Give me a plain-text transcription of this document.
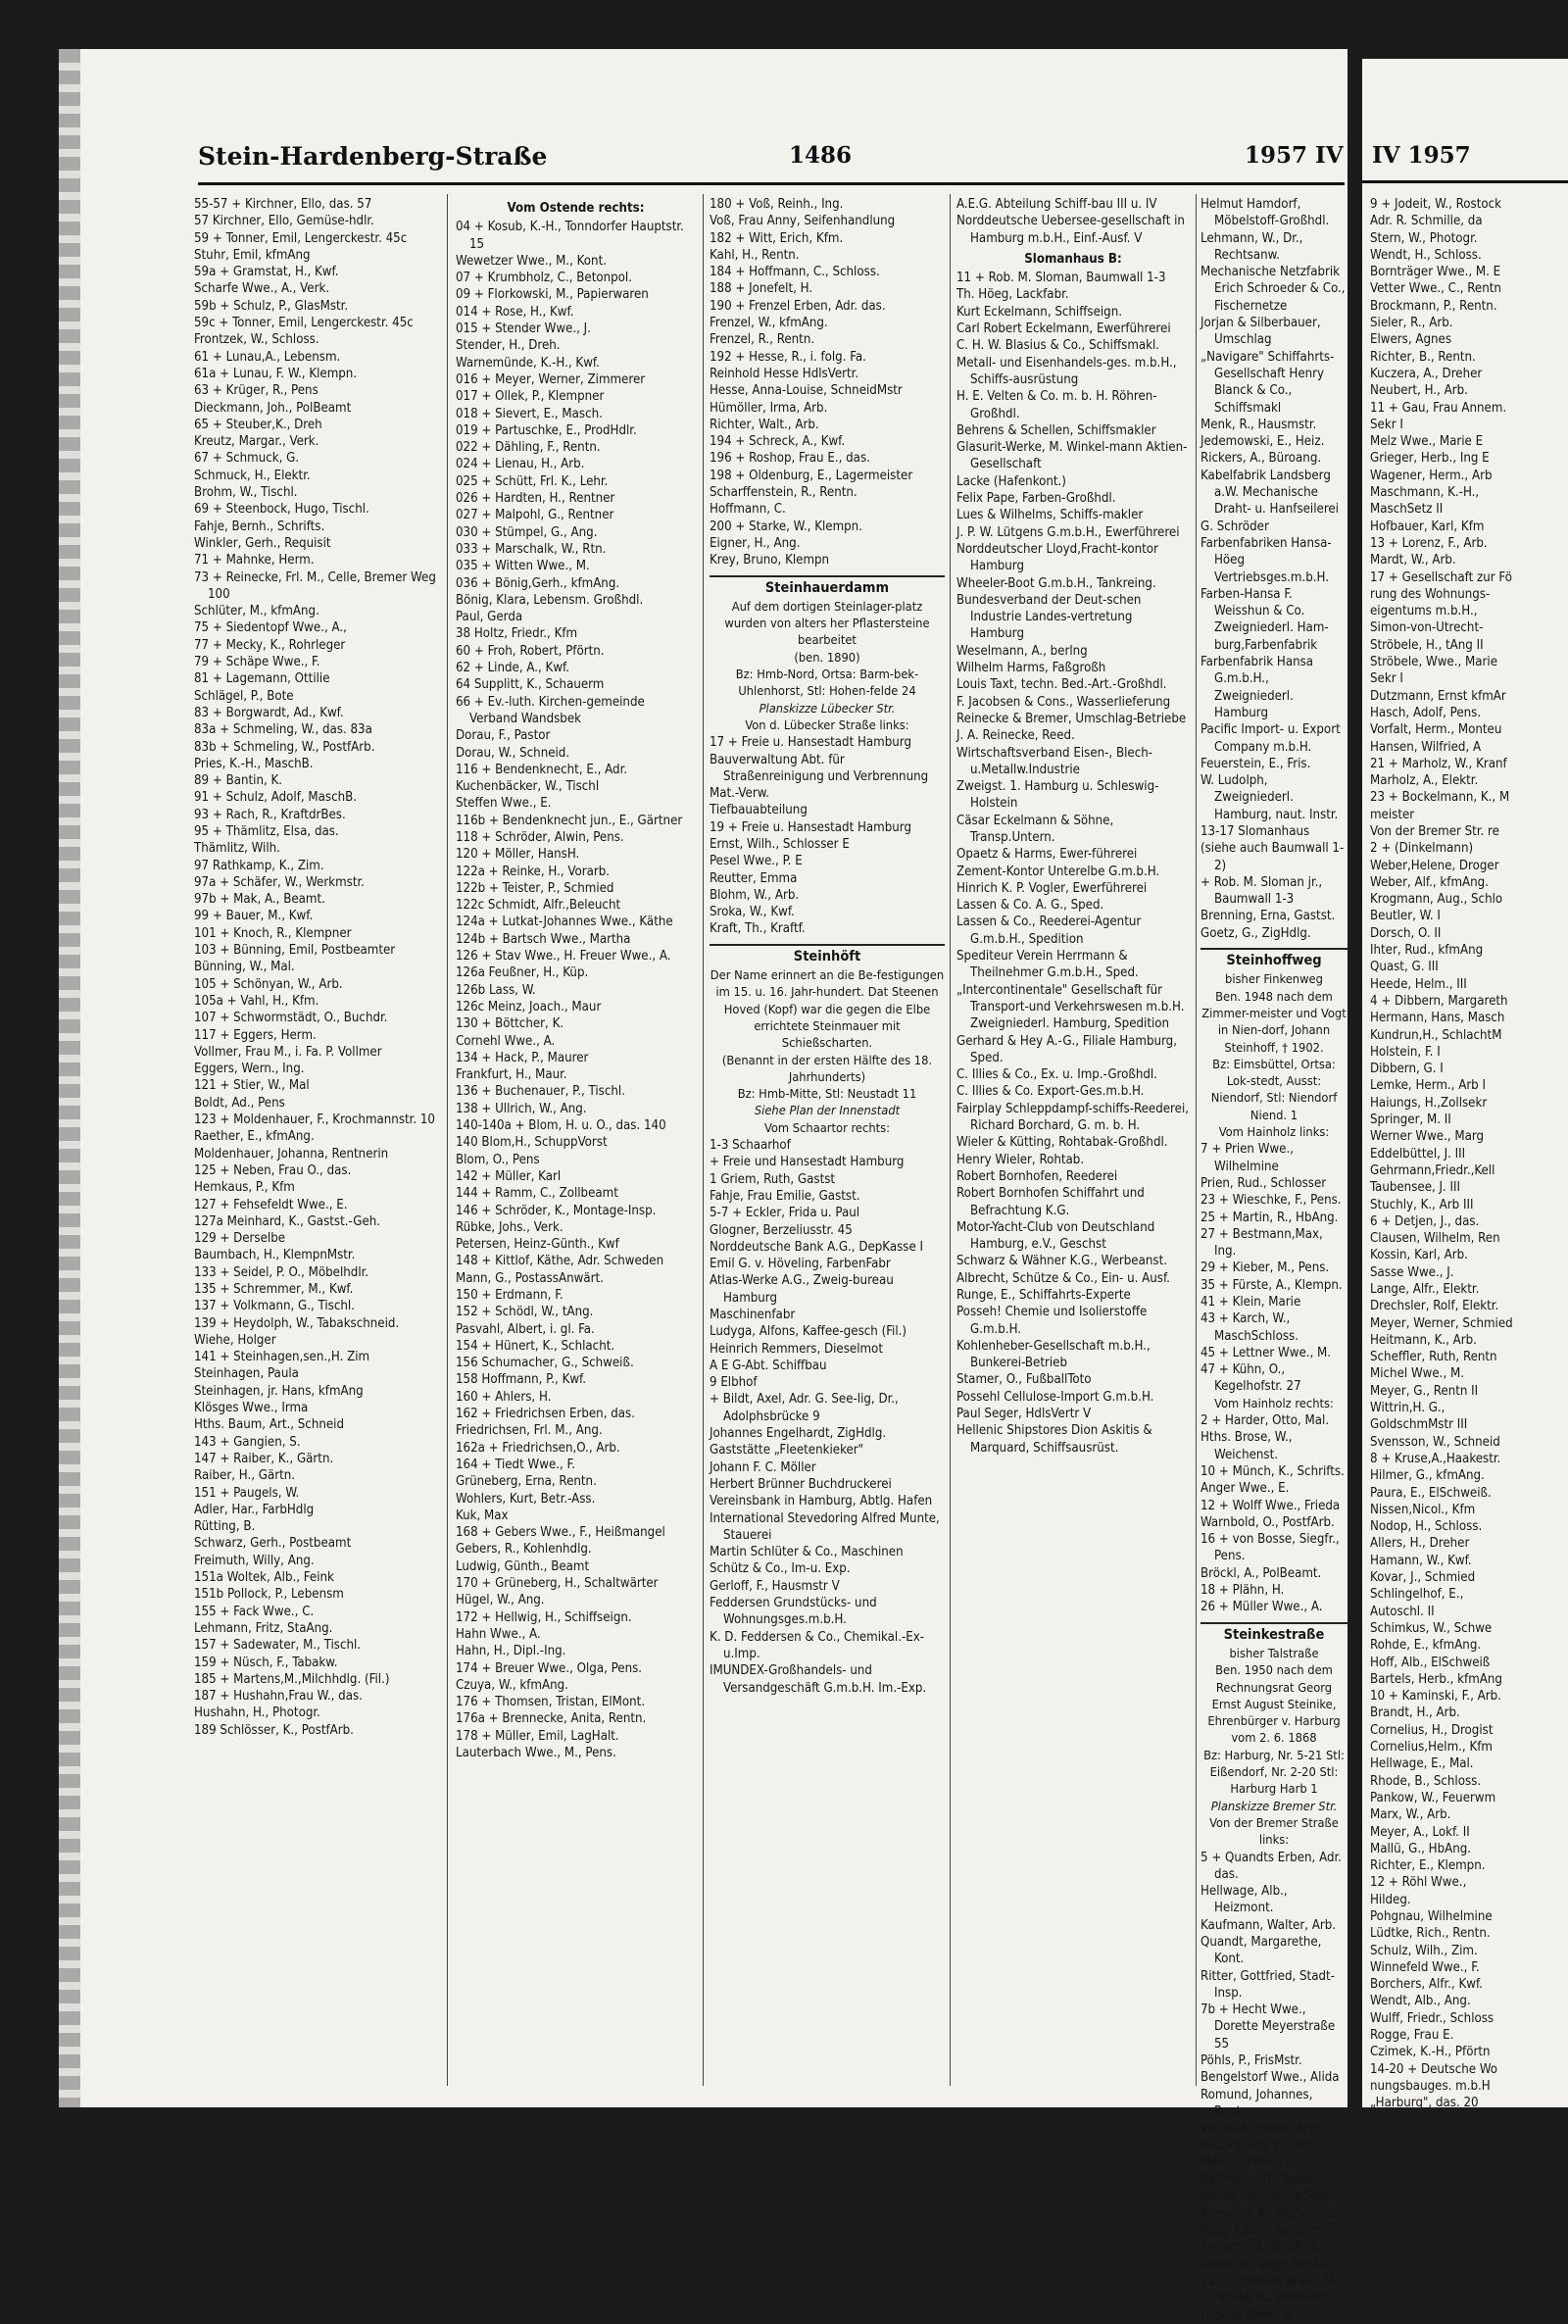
Stein-Hardenberg-Straße	1486	1957 IV
55-57 + Kirchner, Ello, das. 57
57 Kirchner, Ello, Gemüse-hdlr.
59 + Tonner, Emil, Lengerckestr. 45c
Stuhr, Emil, kfmAng
59a + Gramstat, H., Kwf.
Scharfe Wwe., A., Verk.
59b + Schulz, P., GlasMstr.
59c + Tonner, Emil, Lengerckestr. 45c
Frontzek, W., Schloss.
61 + Lunau,A., Lebensm.
61a + Lunau, F. W., Klempn.
63 + Krüger, R., Pens
Dieckmann, Joh., PolBeamt
65 + Steuber,K., Dreh
Kreutz, Margar., Verk.
67 + Schmuck, G.
Schmuck, H., Elektr.
Brohm, W., Tischl.
69 + Steenbock, Hugo, Tischl.
Fahje, Bernh., Schrifts.
Winkler, Gerh., Requisit
71 + Mahnke, Herm.
73 + Reinecke, Frl. M., Celle, Bremer Weg 100
Schlüter, M., kfmAng.
75 + Siedentopf Wwe., A.,
77 + Mecky, K., Rohrleger
79 + Schäpe Wwe., F.
81 + Lagemann, Ottilie
Schlägel, P., Bote
83 + Borgwardt, Ad., Kwf.
83a + Schmeling, W., das. 83a
83b + Schmeling, W., PostfArb.
Pries, K.-H., MaschB.
89 + Bantin, K.
91 + Schulz, Adolf, MaschB.
93 + Rach, R., KraftdrBes.
95 + Thämlitz, Elsa, das.
Thämlitz, Wilh.
97 Rathkamp, K., Zim.
97a + Schäfer, W., Werkmstr.
97b + Mak, A., Beamt.
99 + Bauer, M., Kwf.
101 + Knoch, R., Klempner
103 + Bünning, Emil, Postbeamter
Bünning, W., Mal.
105 + Schönyan, W., Arb.
105a + Vahl, H., Kfm.
107 + Schwormstädt, O., Buchdr.
117 + Eggers, Herm.
Vollmer, Frau M., i. Fa. P. Vollmer
Eggers, Wern., Ing.
121 + Stier, W., Mal
Boldt, Ad., Pens
123 + Moldenhauer, F., Krochmannstr. 10
Raether, E., kfmAng.
Moldenhauer, Johanna, Rentnerin
125 + Neben, Frau O., das.
Hemkaus, P., Kfm
127 + Fehsefeldt Wwe., E.
127a Meinhard, K., Gastst.-Geh.
129 + Derselbe
Baumbach, H., KlempnMstr.
133 + Seidel, P. O., Möbelhdlr.
135 + Schremmer, M., Kwf.
137 + Volkmann, G., Tischl.
139 + Heydolph, W., Tabakschneid.
Wiehe, Holger
141 + Steinhagen,sen.,H. Zim
Steinhagen, Paula
Steinhagen, jr. Hans, kfmAng
Klösges Wwe., Irma
Hths. Baum, Art., Schneid
143 + Gangien, S.
147 + Raiber, K., Gärtn.
Raiber, H., Gärtn.
151 + Paugels, W.
Adler, Har., FarbHdlg
Rütting, B.
Schwarz, Gerh., Postbeamt
Freimuth, Willy, Ang.
151a Woltek, Alb., Feink
151b Pollock, P., Lebensm
155 + Fack Wwe., C.
Lehmann, Fritz, StaAng.
157 + Sadewater, M., Tischl.
159 + Nüsch, F., Tabakw.
185 + Martens,M.,Milchhdlg. (Fil.)
187 + Hushahn,Frau W., das.
Hushahn, H., Photogr.
189 Schlösser, K., PostfArb.
Vom Ostende rechts:
04 + Kosub, K.-H., Tonndorfer Hauptstr. 15
Wewetzer Wwe., M., Kont.
07 + Krumbholz, C., Betonpol.
09 + Florkowski, M., Papierwaren
014 + Rose, H., Kwf.
015 + Stender Wwe., J.
Stender, H., Dreh.
Warnemünde, K.-H., Kwf.
016 + Meyer, Werner, Zimmerer
017 + Ollek, P., Klempner
018 + Sievert, E., Masch.
019 + Partuschke, E., ProdHdlr.
022 + Dähling, F., Rentn.
024 + Lienau, H., Arb.
025 + Schütt, Frl. K., Lehr.
026 + Hardten, H., Rentner
027 + Malpohl, G., Rentner
030 + Stümpel, G., Ang.
033 + Marschalk, W., Rtn.
035 + Witten Wwe., M.
036 + Bönig,Gerh., kfmAng.
Bönig, Klara, Lebensm. Großhdl.
Paul, Gerda
38 Holtz, Friedr., Kfm
60 + Froh, Robert, Pförtn.
62 + Linde, A., Kwf.
64 Supplitt, K., Schauerm
66 + Ev.-luth. Kirchen-gemeinde Verband Wandsbek
Dorau, F., Pastor
Dorau, W., Schneid.
116 + Bendenknecht, E., Adr.
Kuchenbäcker, W., Tischl
Steffen Wwe., E.
116b + Bendenknecht jun., E., Gärtner
118 + Schröder, Alwin, Pens.
120 + Möller, HansH.
122a + Reinke, H., Vorarb.
122b + Teister, P., Schmied
122c Schmidt, Alfr.,Beleucht
124a + Lutkat-Johannes Wwe., Käthe
124b + Bartsch Wwe., Martha
126 + Stav Wwe., H. Freuer Wwe., A.
126a Feußner, H., Küp.
126b Lass, W.
126c Meinz, Joach., Maur
130 + Böttcher, K.
Cornehl Wwe., A.
134 + Hack, P., Maurer
Frankfurt, H., Maur.
136 + Buchenauer, P., Tischl.
138 + Ullrich, W., Ang.
140-140a + Blom, H. u. O., das. 140
140 Blom,H., SchuppVorst
Blom, O., Pens
142 + Müller, Karl
144 + Ramm, C., Zollbeamt
146 + Schröder, K., Montage-Insp.
Rübke, Johs., Verk.
Petersen, Heinz-Günth., Kwf
148 + Kittlof, Käthe, Adr. Schweden
Mann, G., PostassAnwärt.
150 + Erdmann, F.
152 + Schödl, W., tAng.
Pasvahl, Albert, i. gl. Fa.
154 + Hünert, K., Schlacht.
156 Schumacher, G., Schweiß.
158 Hoffmann, P., Kwf.
160 + Ahlers, H.
162 + Friedrichsen Erben, das.
Friedrichsen, Frl. M., Ang.
162a + Friedrichsen,O., Arb.
164 + Tiedt Wwe., F.
Grüneberg, Erna, Rentn.
Wohlers, Kurt, Betr.-Ass.
Kuk, Max
168 + Gebers Wwe., F., Heißmangel
Gebers, R., Kohlenhdlg.
Ludwig, Günth., Beamt
170 + Grüneberg, H., Schaltwärter
Hügel, W., Ang.
172 + Hellwig, H., Schiffseign.
Hahn Wwe., A.
Hahn, H., Dipl.-Ing.
174 + Breuer Wwe., Olga, Pens.
Czuya, W., kfmAng.
176 + Thomsen, Tristan, ElMont.
176a + Brennecke, Anita, Rentn.
178 + Müller, Emil, LagHalt.
Lauterbach Wwe., M., Pens.
180 + Voß, Reinh., Ing.
Voß, Frau Anny, Seifenhandlung
182 + Witt, Erich, Kfm.
Kahl, H., Rentn.
184 + Hoffmann, C., Schloss.
188 + Jonefelt, H.
190 + Frenzel Erben, Adr. das.
Frenzel, W., kfmAng.
Frenzel, R., Rentn.
192 + Hesse, R., i. folg. Fa.
Reinhold Hesse HdlsVertr.
Hesse, Anna-Louise, SchneidMstr
Hümöller, Irma, Arb.
Richter, Walt., Arb.
194 + Schreck, A., Kwf.
196 + Roshop, Frau E., das.
198 + Oldenburg, E., Lagermeister
Scharffenstein, R., Rentn.
Hoffmann, C.
200 + Starke, W., Klempn.
Eigner, H., Ang.
Krey, Bruno, Klempn
Steinhauerdamm
Auf dem dortigen Steinlager-platz wurden von alters her Pflastersteine bearbeitet
(ben. 1890)
Bz: Hmb-Nord, Ortsa: Barm-bek-Uhlenhorst, Stl: Hohen-felde 24
Planskizze Lübecker Str.
Von d. Lübecker Straße links:
17 + Freie u. Hansestadt Hamburg
Bauverwaltung Abt. für Straßenreinigung und Verbrennung
Mat.-Verw.
Tiefbauabteilung
19 + Freie u. Hansestadt Hamburg
Ernst, Wilh., Schlosser E
Pesel Wwe., P. E
Reutter, Emma
Blohm, W., Arb.
Sroka, W., Kwf.
Kraft, Th., Kraftf.
Steinhöft
Der Name erinnert an die Be-festigungen im 15. u. 16. Jahr-hundert. Dat Steenen Hoved (Kopf) war die gegen die Elbe errichtete Steinmauer mit Schießscharten.
(Benannt in der ersten Hälfte des 18. Jahrhunderts)
Bz: Hmb-Mitte, Stl: Neustadt 11
Siehe Plan der Innenstadt
Vom Schaartor rechts:
1-3 Schaarhof
+ Freie und Hansestadt Hamburg
1 Griem, Ruth, Gastst
Fahje, Frau Emilie, Gastst.
5-7 + Eckler, Frida u. Paul
Glogner, Berzeliusstr. 45
Norddeutsche Bank A.G., DepKasse I
Emil G. v. Höveling, FarbenFabr
Atlas-Werke A.G., Zweig-bureau Hamburg
Maschinenfabr
Ludyga, Alfons, Kaffee-gesch (Fil.)
Heinrich Remmers, Dieselmot
A E G-Abt. Schiffbau
9 Elbhof
+ Bildt, Axel, Adr. G. See-lig, Dr., Adolphsbrücke 9
Johannes Engelhardt, ZigHdlg.
Gaststätte „Fleetenkieker"
Johann F. C. Möller
Herbert Brünner Buchdruckerei
Vereinsbank in Hamburg, Abtlg. Hafen
International Stevedoring Alfred Munte, Stauerei
Martin Schlüter & Co., Maschinen
Schütz & Co., Im-u. Exp.
Gerloff, F., Hausmstr V
Feddersen Grundstücks- und Wohnungsges.m.b.H.
K. D. Feddersen & Co., Chemikal.-Ex-u.Imp.
IMUNDEX-Großhandels- und Versandgeschäft G.m.b.H. Im.-Exp.
A.E.G. Abteilung Schiff-bau III u. IV
Norddeutsche Uebersee-gesellschaft in Hamburg m.b.H., Einf.-Ausf. V
Slomanhaus B:
11 + Rob. M. Sloman, Baumwall 1-3
Th. Höeg, Lackfabr.
Kurt Eckelmann, Schiffseign.
Carl Robert Eckelmann, Ewerführerei
C. H. W. Blasius & Co., Schiffsmakl.
Metall- und Eisenhandels-ges. m.b.H., Schiffs-ausrüstung
H. E. Velten & Co. m. b. H. Röhren-Großhdl.
Behrens & Schellen, Schiffsmakler
Glasurit-Werke, M. Winkel-mann Aktien-Gesellschaft
Lacke (Hafenkont.)
Felix Pape, Farben-Großhdl.
Lues & Wilhelms, Schiffs-makler
J. P. W. Lütgens G.m.b.H., Ewerführerei
Norddeutscher Lloyd,Fracht-kontor Hamburg
Wheeler-Boot G.m.b.H., Tankreing.
Bundesverband der Deut-schen Industrie Landes-vertretung Hamburg
Weselmann, A., berlng
Wilhelm Harms, Faßgroßh
Louis Taxt, techn. Bed.-Art.-Großhdl.
F. Jacobsen & Cons., Wasserlieferung
Reinecke & Bremer, Umschlag-Betriebe
J. A. Reinecke, Reed.
Wirtschaftsverband Eisen-, Blech- u.Metallw.Industrie
Zweigst. 1. Hamburg u. Schleswig-Holstein
Cäsar Eckelmann & Söhne, Transp.Untern.
Opaetz & Harms, Ewer-führerei
Zement-Kontor Unterelbe G.m.b.H.
Hinrich K. P. Vogler, Ewerführerei
Lassen & Co. A. G., Sped.
Lassen & Co., Reederei-Agentur G.m.b.H., Spedition
Spediteur Verein Herrmann & Theilnehmer G.m.b.H., Sped.
„Intercontinentale" Gesellschaft für Transport-und Verkehrswesen m.b.H. Zweigniederl. Hamburg, Spedition
Gerhard & Hey A.-G., Filiale Hamburg, Sped.
C. Illies & Co., Ex. u. Imp.-Großhdl.
C. Illies & Co. Export-Ges.m.b.H.
Fairplay Schleppdampf-schiffs-Reederei, Richard Borchard, G. m. b. H.
Wieler & Kütting, Rohtabak-Großhdl.
Henry Wieler, Rohtab.
Robert Bornhofen, Reederei
Robert Bornhofen Schiffahrt und Befrachtung K.G.
Motor-Yacht-Club von Deutschland Hamburg, e.V., Geschst
Schwarz & Wähner K.G., Werbeanst.
Albrecht, Schütze & Co., Ein- u. Ausf.
Runge, E., Schiffahrts-Experte
Posseh! Chemie und Isolierstoffe G.m.b.H.
Kohlenheber-Gesellschaft m.b.H., Bunkerei-Betrieb
Stamer, O., FußballToto
Possehl Cellulose-Import G.m.b.H.
Paul Seger, HdlsVertr V
Hellenic Shipstores Dion Askitis & Marquard, Schiffsausrüst.
Helmut Hamdorf, Möbelstoff-Großhdl.
Lehmann, W., Dr., Rechtsanw.
Mechanische Netzfabrik Erich Schroeder & Co., Fischernetze
Jorjan & Silberbauer, Umschlag
„Navigare" Schiffahrts-Gesellschaft Henry Blanck & Co., Schiffsmakl
Menk, R., Hausmstr.
Jedemowski, E., Heiz.
Rickers, A., Büroang.
Kabelfabrik Landsberg a.W. Mechanische Draht- u. Hanfseilerei
G. Schröder
Farbenfabriken Hansa-Höeg Vertriebsges.m.b.H.
Farben-Hansa F. Weisshun & Co. Zweigniederl. Ham-burg,Farbenfabrik
Farbenfabrik Hansa G.m.b.H., Zweigniederl. Hamburg
Pacific Import- u. Export Company m.b.H.
Feuerstein, E., Fris.
W. Ludolph, Zweigniederl. Hamburg, naut. Instr.
13-17 Slomanhaus
(siehe auch Baumwall 1-2)
+ Rob. M. Sloman jr., Baumwall 1-3
Brenning, Erna, Gastst.
Goetz, G., ZigHdlg.
Steinhoffweg
bisher Finkenweg
Ben. 1948 nach dem Zimmer-meister und Vogt in Nien-dorf, Johann Steinhoff, † 1902.
Bz: Eimsbüttel, Ortsa: Lok-stedt, Ausst: Niendorf, Stl: Niendorf Niend. 1
Vom Hainholz links:
7 + Prien Wwe., Wilhelmine
Prien, Rud., Schlosser
23 + Wieschke, F., Pens.
25 + Martin, R., HbAng.
27 + Bestmann,Max, Ing.
29 + Kieber, M., Pens.
35 + Fürste, A., Klempn.
41 + Klein, Marie
43 + Karch, W., MaschSchloss.
45 + Lettner Wwe., M.
47 + Kühn, O., Kegelhofstr. 27
Vom Hainholz rechts:
2 + Harder, Otto, Mal.
Hths. Brose, W., Weichenst.
10 + Münch, K., Schrifts.
Anger Wwe., E.
12 + Wolff Wwe., Frieda
Warnbold, O., PostfArb.
16 + von Bosse, Siegfr., Pens.
Bröckl, A., PolBeamt.
18 + Plähn, H.
26 + Müller Wwe., A.
Steinkestraße
bisher Talstraße
Ben. 1950 nach dem Rechnungsrat Georg Ernst August Steinike, Ehrenbürger v. Harburg vom 2. 6. 1868
Bz: Harburg, Nr. 5-21 Stl: Eißendorf, Nr. 2-20 Stl: Harburg Harb 1
Planskizze Bremer Str.
Von der Bremer Straße links:
5 + Quandts Erben, Adr. das.
Hellwage, Alb., Heizmont.
Kaufmann, Walter, Arb.
Quandt, Margarethe, Kont.
Ritter, Gottfried, Stadt-Insp.
7b + Hecht Wwe., Dorette Meyerstraße 55
Pöhls, P., FrisMstr.
Bengelstorf Wwe., Alida
Romund, Johannes, Rentn.
Vahldick, Herta, Arb.
Brockmann, W., Arb.
Mandel Wwe., F.
Bellmann, H., Rentn.
Möller,Alb., TelegrSekr
Kreschel, B., KfzSchloss.
Klug, Adam, Rentner
Bienert, W., kfmAng.
Graetzer, Olga, Rentn.
7a + Schmille Wwe., M.
Schmille, R., BkBeamt.
Lockau Wwe., S.
IV 1957
9 + Jodeit, W., Rostock
Adr. R. Schmille, da
Stern, W., Photogr.
Wendt, H., Schloss.
Bornträger Wwe., M. E
Vetter Wwe., C., Rentn
Brockmann, P., Rentn.
Sieler, R., Arb.
Elwers, Agnes
Richter, B., Rentn.
Kuczera, A., Dreher
Neubert, H., Arb.
11 + Gau, Frau Annem.
Sekr I
Melz Wwe., Marie E
Grieger, Herb., Ing E
Wagener, Herm., Arb
Maschmann, K.-H.,
MaschSetz II
Hofbauer, Karl, Kfm
13 + Lorenz, F., Arb.
Mardt, W., Arb.
17 + Gesellschaft zur Fö
rung des Wohnungs-
eigentums m.b.H.,
Simon-von-Utrecht-
Ströbele, H., tAng II
Ströbele, Wwe., Marie
Sekr I
Dutzmann, Ernst kfmAr
Hasch, Adolf, Pens.
Vorfalt, Herm., Monteu
Hansen, Wilfried, A
21 + Marholz, W., Kranf
Marholz, A., Elektr.
23 + Bockelmann, K., M
meister
Von der Bremer Str. re
2 + (Dinkelmann)
Weber,Helene, Droger
Weber, Alf., kfmAng.
Krogmann, Aug., Schlo
Beutler, W. I
Dorsch, O. II
Ihter, Rud., kfmAng
Quast, G. III
Heede, Helm., III
4 + Dibbern, Margareth
Hermann, Hans, Masch
Kundrun,H., SchlachtM
Holstein, F. I
Dibbern, G. I
Lemke, Herm., Arb I
Haiungs, H.,Zollsekr
Springer, M. II
Werner Wwe., Marg
Eddelbüttel, J. III
Gehrmann,Friedr.,Kell
Taubensee, J. III
Stuchly, K., Arb III
6 + Detjen, J., das.
Clausen, Wilhelm, Ren
Kossin, Karl, Arb.
Sasse Wwe., J.
Lange, Alfr., Elektr.
Drechsler, Rolf, Elektr.
Meyer, Werner, Schmied
Heitmann, K., Arb.
Scheffler, Ruth, Rentn
Michel Wwe., M.
Meyer, G., Rentn II
Wittrin,H. G.,
GoldschmMstr III
Svensson, W., Schneid
8 + Kruse,A.,Haakestr.
Hilmer, G., kfmAng.
Paura, E., ElSchweiß.
Nissen,Nicol., Kfm
Nodop, H., Schloss.
Allers, H., Dreher
Hamann, W., Kwf.
Kovar, J., Schmied
Schlingelhof, E.,
Autoschl. II
Schimkus, W., Schwe
Rohde, E., kfmAng.
Hoff, Alb., ElSchweiß
Bartels, Herb., kfmAng
10 + Kaminski, F., Arb.
Brandt, H., Arb.
Cornelius, H., Drogist
Cornelius,Helm., Kfm
Hellwage, E., Mal.
Rhode, B., Schloss.
Pankow, W., Feuerwm
Marx, W., Arb.
Meyer, A., Lokf. II
Mallü, G., HbAng.
Richter, E., Klempn.
12 + Röhl Wwe.,
Hildeg.
Pohgnau, Wilhelmine
Lüdtke, Rich., Rentn.
Schulz, Wilh., Zim.
Winnefeld Wwe., F.
Borchers, Alfr., Kwf.
Wendt, Alb., Ang.
Wulff, Friedr., Schloss
Rogge, Frau E.
Czimek, K.-H., Pförtn
14-20 + Deutsche Wo
nungsbauges. m.b.H
„Harburg", das. 20
